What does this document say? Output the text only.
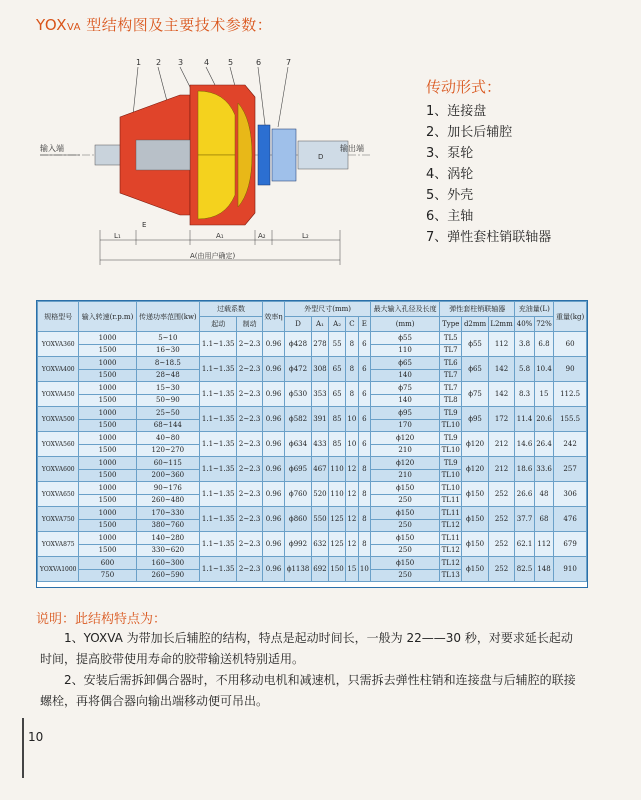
YOXVA 型结构图及主要技术参数：
1 2 3	4 5	6	7
输入端	输出端
D
L₁
E
A₁	A₂	L₂
A(由用户确定)
传动形式：
1、连接盘
2、加长后辅腔
3、泵轮
4、涡轮
5、外壳
6、主轴
7、弹性套柱销联轴器
规格型号	输入转速(r.p.m)	传递功率范围(kw)	过载系数		效率η	外型尺寸(mm)					最大输入孔径及长度	弹性套柱销联轴器			充油量(L)		重量(kg)
			起动	制动		D	A₁	A₂	C	E	(mm)	Type	d2mm	L2mm	40%	72%	
YOXVA360	1000	5~10	1.1~1.35	2~2.3	0.96	ϕ428	278	55	8	6	ϕ55	TL5	ϕ55	112	3.8	6.8	60
	1500	16~30									110	TL7					
YOXVA400	1000	8~18.5	1.1~1.35	2~2.3	0.96	ϕ472	308	65	8	6	ϕ65	TL6	ϕ65	142	5.8	10.4	90
	1500	28~48									140	TL7					
YOXVA450	1000	15~30	1.1~1.35	2~2.3	0.96	ϕ530	353	65	8	6	ϕ75	TL7	ϕ75	142	8.3	15	112.5
	1500	50~90									140	TL8					
YOXVA500	1000	25~50	1.1~1.35	2~2.3	0.96	ϕ582	391	85	10	6	ϕ95	TL9	ϕ95	172	11.4	20.6	155.5
	1500	68~144									170	TL10					
YOXVA560	1000	40~80	1.1~1.35	2~2.3	0.96	ϕ634	433	85	10	6	ϕ120	TL9	ϕ120	212	14.6	26.4	242
	1500	120~270									210	TL10					
YOXVA600	1000	60~115	1.1~1.35	2~2.3	0.96	ϕ695	467	110	12	8	ϕ120	TL9	ϕ120	212	18.6	33.6	257
	1500	200~360									210	TL10					
YOXVA650	1000	90~176	1.1~1.35	2~2.3	0.96	ϕ760	520	110	12	8	ϕ150	TL10	ϕ150	252	26.6	48	306
	1500	260~480									250	TL11					
YOXVA750	1000	170~330	1.1~1.35	2~2.3	0.96	ϕ860	550	125	12	8	ϕ150	TL11	ϕ150	252	37.7	68	476
	1500	380~760									250	TL12					
YOXVA875	1000	140~280	1.1~1.35	2~2.3	0.96	ϕ992	632	125	12	8	ϕ150	TL11	ϕ150	252	62.1	112	679
	1500	330~620									250	TL12					
YOXVA1000	600	160~300	1.1~1.35	2~2.3	0.96	ϕ1138	692	150	15	10	ϕ150	TL12	ϕ150	252	82.5	148	910
	750	260~590									250	TL13					
说明：此结构特点为：
1、YOXVA 为带加长后辅腔的结构，特点是起动时间长，一般为 22——30 秒，对要求延长起动时间，提高胶带使用寿命的胶带输送机特别适用。
2、安装后需拆卸偶合器时，不用移动电机和减速机，只需拆去弹性柱销和连接盘与后辅腔的联接螺栓，再将偶合器向输出端移动便可吊出。
10
